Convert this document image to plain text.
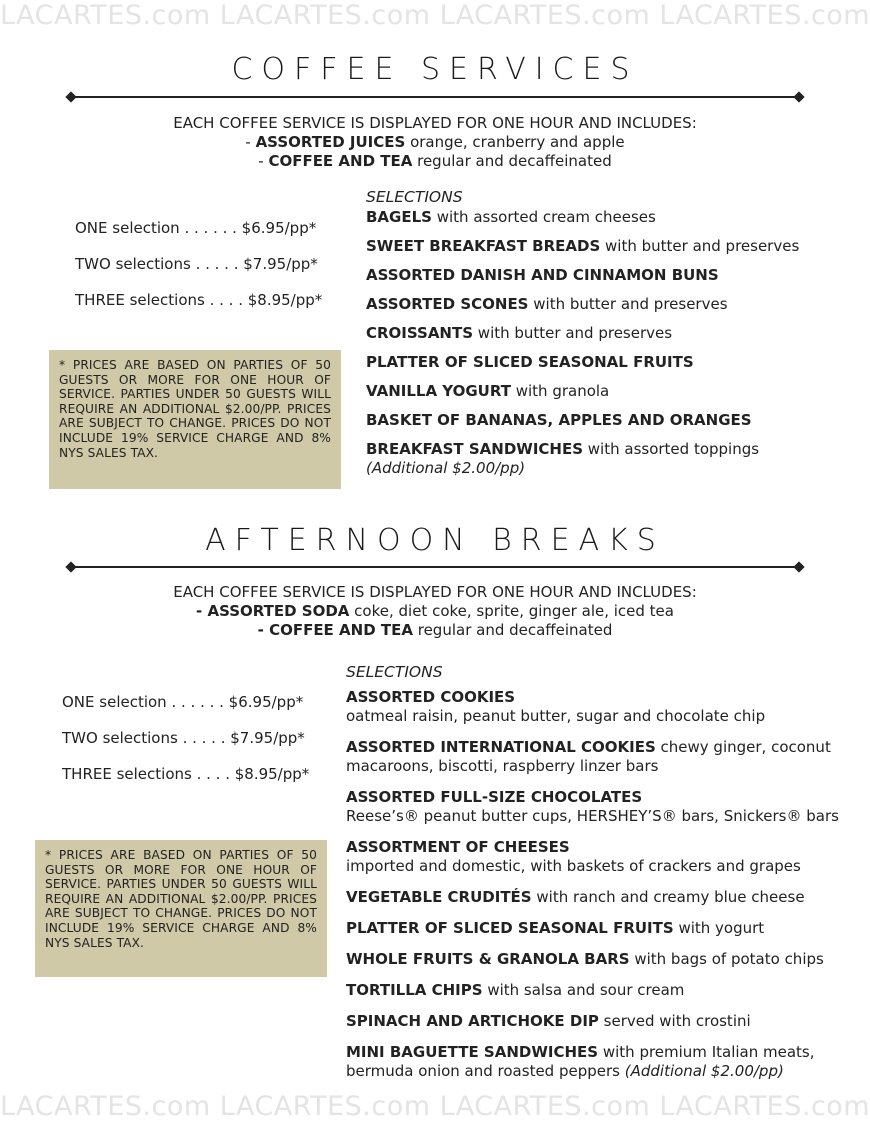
LACARTES.com LACARTES.com LACARTES.com LACARTES.com
LACARTES.com LACARTES.com LACARTES.com LACARTES.com
COFFEE SERVICES
EACH COFFEE SERVICE IS DISPLAYED FOR ONE HOUR AND INCLUDES:
- ASSORTED JUICES orange, cranberry and apple
- COFFEE AND TEA regular and decaffeinated
ONE selection . . . . . . $6.95/pp*
TWO selections . . . . . $7.95/pp*
THREE selections . . . . $8.95/pp*
* PRICES ARE BASED ON PARTIES OF 50 GUESTS OR MORE FOR ONE HOUR OF SERVICE. PARTIES UNDER 50 GUESTS WILL REQUIRE AN ADDITIONAL $2.00/PP. PRICES ARE SUBJECT TO CHANGE. PRICES DO NOT INCLUDE 19% SERVICE CHARGE AND 8% NYS SALES TAX.
SELECTIONS
BAGELS with assorted cream cheeses
SWEET BREAKFAST BREADS with butter and preserves
ASSORTED DANISH AND CINNAMON BUNS
ASSORTED SCONES with butter and preserves
CROISSANTS with butter and preserves
PLATTER OF SLICED SEASONAL FRUITS
VANILLA YOGURT with granola
BASKET OF BANANAS, APPLES AND ORANGES
BREAKFAST SANDWICHES with assorted toppings
(Additional $2.00/pp)
AFTERNOON BREAKS
EACH COFFEE SERVICE IS DISPLAYED FOR ONE HOUR AND INCLUDES:
- ASSORTED SODA coke, diet coke, sprite, ginger ale, iced tea
- COFFEE AND TEA regular and decaffeinated
ONE selection . . . . . . $6.95/pp*
TWO selections . . . . . $7.95/pp*
THREE selections . . . . $8.95/pp*
* PRICES ARE BASED ON PARTIES OF 50 GUESTS OR MORE FOR ONE HOUR OF SERVICE. PARTIES UNDER 50 GUESTS WILL REQUIRE AN ADDITIONAL $2.00/PP. PRICES ARE SUBJECT TO CHANGE. PRICES DO NOT INCLUDE 19% SERVICE CHARGE AND 8% NYS SALES TAX.
SELECTIONS
ASSORTED COOKIES
oatmeal raisin, peanut butter, sugar and chocolate chip
ASSORTED INTERNATIONAL COOKIES chewy ginger, coconut
macaroons, biscotti, raspberry linzer bars
ASSORTED FULL-SIZE CHOCOLATES
Reese’s® peanut butter cups, HERSHEY’S® bars, Snickers® bars
ASSORTMENT OF CHEESES
imported and domestic, with baskets of crackers and grapes
VEGETABLE CRUDITÉS with ranch and creamy blue cheese
PLATTER OF SLICED SEASONAL FRUITS with yogurt
WHOLE FRUITS & GRANOLA BARS with bags of potato chips
TORTILLA CHIPS with salsa and sour cream
SPINACH AND ARTICHOKE DIP served with crostini
MINI BAGUETTE SANDWICHES with premium Italian meats,
bermuda onion and roasted peppers (Additional $2.00/pp)
